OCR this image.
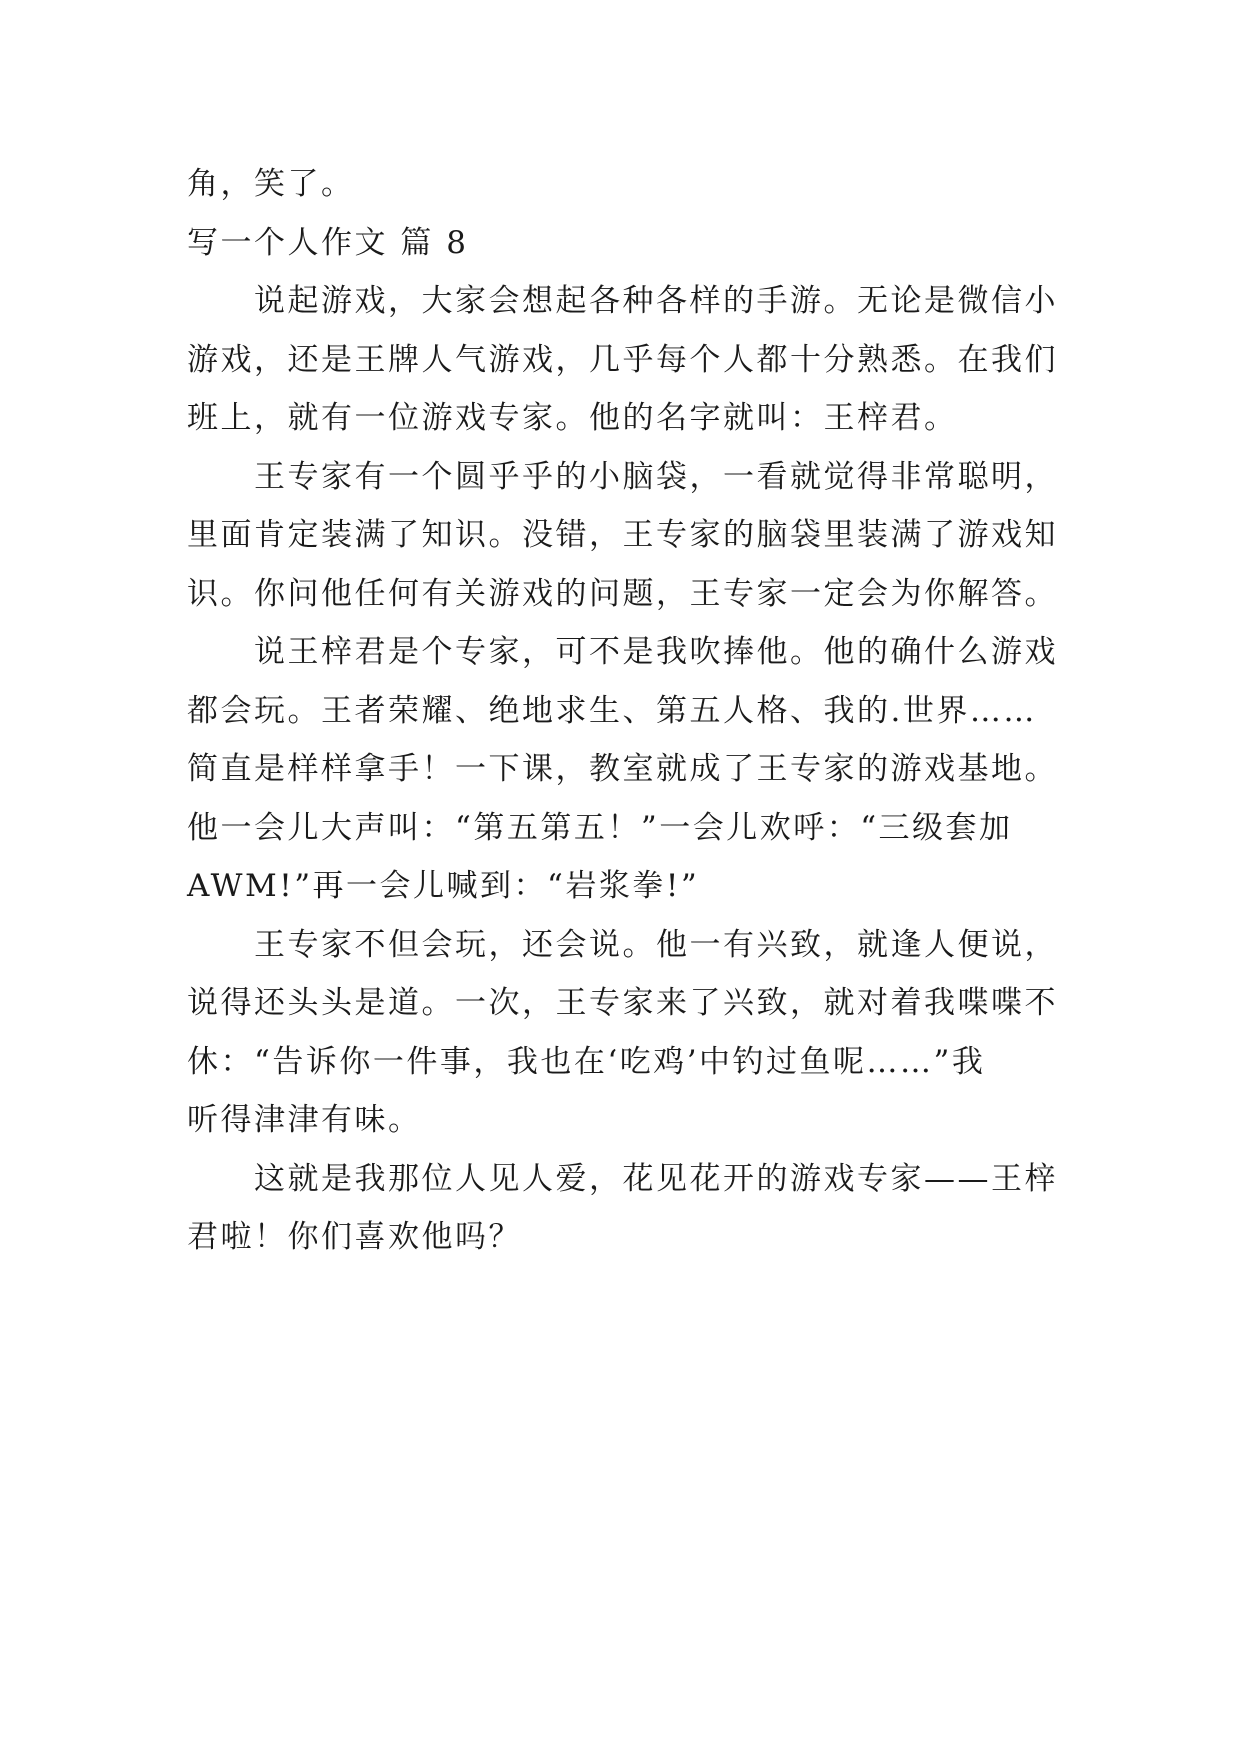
角，笑了。
写一个人作文 篇 8
说起游戏，大家会想起各种各样的手游。无论是微信小
游戏，还是王牌人气游戏，几乎每个人都十分熟悉。在我们
班上，就有一位游戏专家。他的名字就叫：王梓君。
王专家有一个圆乎乎的小脑袋，一看就觉得非常聪明，
里面肯定装满了知识。没错，王专家的脑袋里装满了游戏知
识。你问他任何有关游戏的问题，王专家一定会为你解答。
说王梓君是个专家，可不是我吹捧他。他的确什么游戏
都会玩。王者荣耀、绝地求生、第五人格、我的.世界……
简直是样样拿手！一下课，教室就成了王专家的游戏基地。
他一会儿大声叫：“第五第五！”一会儿欢呼：“三级套加
AWM!”再一会儿喊到：“岩浆拳!”
王专家不但会玩，还会说。他一有兴致，就逢人便说，
说得还头头是道。一次，王专家来了兴致，就对着我喋喋不
休：“告诉你一件事，我也在‘吃鸡’中钓过鱼呢……”我
听得津津有味。
这就是我那位人见人爱，花见花开的游戏专家——王梓
君啦！你们喜欢他吗？
